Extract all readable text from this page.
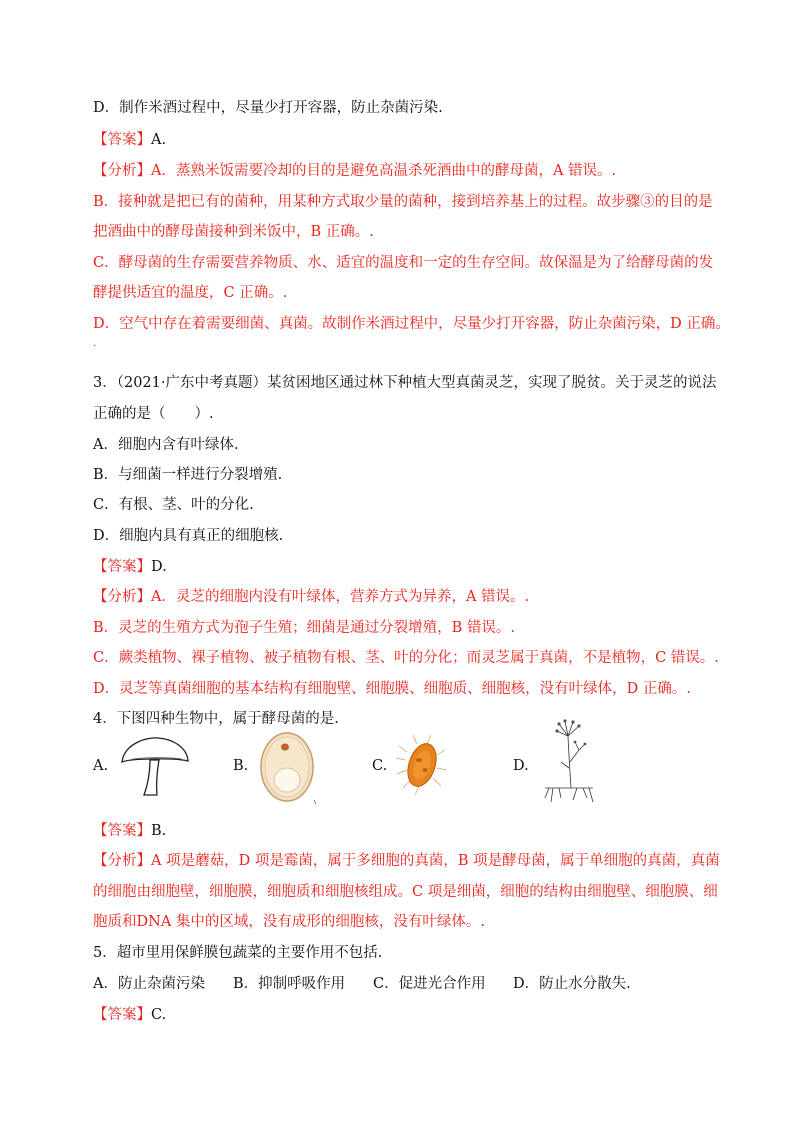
D．制作米酒过程中，尽量少打开容器，防止杂菌污染.
【答案】A.
【分析】A．蒸熟米饭需要冷却的目的是避免高温杀死酒曲中的酵母菌，A 错误。.
B．接种就是把已有的菌种，用某种方式取少量的菌种，接到培养基上的过程。故步骤③的目的是
把酒曲中的酵母菌接种到米饭中，B 正确。.
C．酵母菌的生存需要营养物质、水、适宜的温度和一定的生存空间。故保温是为了给酵母菌的发
酵提供适宜的温度，C 正确。.
D．空气中存在着需要细菌、真菌。故制作米酒过程中，尽量少打开容器，防止杂菌污染，D 正确。
.
3．（2021·广东中考真题）某贫困地区通过林下种植大型真菌灵芝，实现了脱贫。关于灵芝的说法
正确的是（　　）.
A．细胞内含有叶绿体.
B．与细菌一样进行分裂增殖.
C．有根、茎、叶的分化.
D．细胞内具有真正的细胞核.
【答案】D.
【分析】A．灵芝的细胞内没有叶绿体，营养方式为异养，A 错误。.
B．灵芝的生殖方式为孢子生殖；细菌是通过分裂增殖，B 错误。.
C．蕨类植物、裸子植物、被子植物有根、茎、叶的分化；而灵芝属于真菌，不是植物，C 错误。.
D．灵芝等真菌细胞的基本结构有细胞壁、细胞膜、细胞质、细胞核，没有叶绿体，D 正确。.
4．下图四种生物中，属于酵母菌的是.
A.	B.	C.	D.
【答案】B.
【分析】A 项是蘑菇，D 项是霉菌，属于多细胞的真菌，B 项是酵母菌，属于单细胞的真菌，真菌
的细胞由细胞壁，细胞膜，细胞质和细胞核组成。C 项是细菌，细胞的结构由细胞壁、细胞膜、细
胞质和DNA 集中的区域，没有成形的细胞核，没有叶绿体。.
5．超市里用保鲜膜包蔬菜的主要作用不包括.
A．防止杂菌污染 B．抑制呼吸作用 C．促进光合作用 D．防止水分散失.
【答案】C.
